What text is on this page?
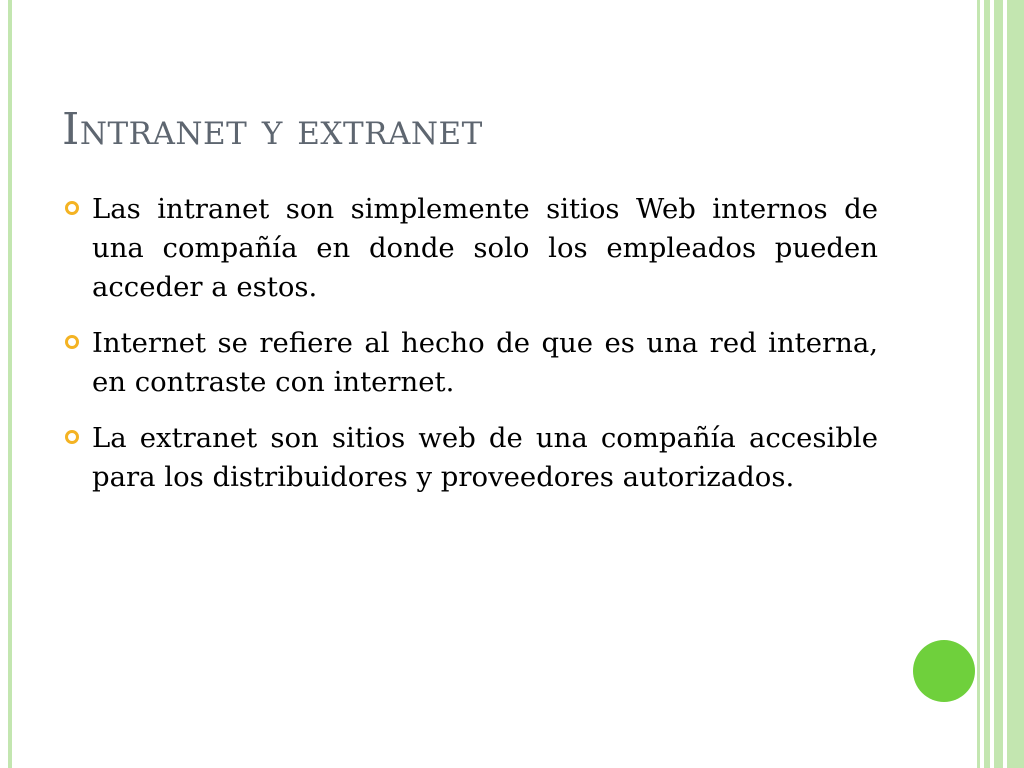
Intranet y extranet
Las intranet son simplemente sitios Web internos de una compañía en donde solo los empleados pueden acceder a estos.
Internet se refiere al hecho de que es una red interna, en contraste con internet.
La extranet son sitios web de una compañía accesible para los distribuidores y proveedores autorizados.
